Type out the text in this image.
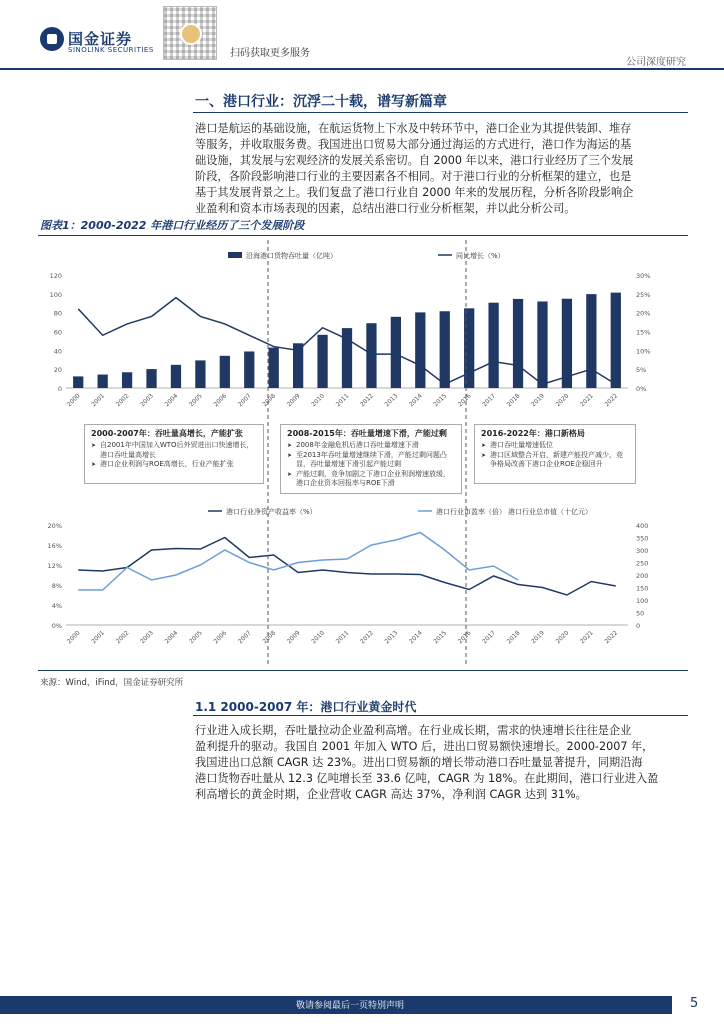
国金证券
SINOLINK SECURITIES	扫码获取更多服务
公司深度研究
一、港口行业：沉浮二十载，谱写新篇章
港口是航运的基础设施，在航运货物上下水及中转环节中，港口企业为其提供装卸、堆存
等服务，并收取服务费。我国进出口贸易大部分通过海运的方式进行，港口作为海运的基
础设施，其发展与宏观经济的发展关系密切。自 2000 年以来，港口行业经历了三个发展
阶段，各阶段影响港口行业的主要因素各不相同。对于港口行业的分析框架的建立，也是
基于其发展背景之上。我们复盘了港口行业自 2000 年来的发展历程，分析各阶段影响企
业盈利和资本市场表现的因素，总结出港口行业分析框架，并以此分析公司。
图表1：2000-2022 年港口行业经历了三个发展阶段
沿海港口货物吞吐量（亿吨）	同比增长（%）
0
20
40
60
80
100
120
0%
5%
10%
15%
20%
25%
30%
2000 2001 2002 2003 2004 2005 2006 2007 2008 2009 2010 2011 2012 2013 2014 2015 2016 2017 2018 2019 2020 2021 2022
2000-2007年：吞吐量高增长，产能扩张
➤ 自2001年中国加入WTO后外贸进出口快速增长，港口吞吐量高增长
➤ 港口企业利润与ROE高增长，行业产能扩张
2008-2015年：吞吐量增速下滑，产能过剩
➤ 2008年金融危机后港口吞吐量增速下滑
➤ 至2013年吞吐量增速继续下滑，产能过剩问题凸显，吞吐量增速下滑引起产能过剩
➤ 产能过剩，竞争加剧之下港口企业利润增速放缓，港口企业资本回报率与ROE下滑
2016-2022年：港口新格局
➤ 港口吞吐量增速低位
➤ 港口区域整合开启，新建产能投产减少，竞争格局改善下港口企业ROE企稳回升
港口行业净资产收益率（%）	港口行业市盈率（倍） 港口行业总市值（十亿元）
0%
4%
8%
12%
16%
20%
0
50
100
150
200
250
300
350
400
2000 2001 2002 2003 2004 2005 2006 2007 2008 2009 2010 2011 2012 2013 2014 2015 2016 2017 2018 2019 2020 2021 2022
来源：Wind，iFind，国金证券研究所
1.1 2000-2007 年：港口行业黄金时代
行业进入成长期，吞吐量拉动企业盈利高增。在行业成长期，需求的快速增长往往是企业
盈利提升的驱动。我国自 2001 年加入 WTO 后，进出口贸易额快速增长。2000-2007 年，
我国进出口总额 CAGR 达 23%。进出口贸易额的增长带动港口吞吐量显著提升，同期沿海
港口货物吞吐量从 12.3 亿吨增长至 33.6 亿吨，CAGR 为 18%。在此期间，港口行业进入盈
利高增长的黄金时期，企业营收 CAGR 高达 37%，净利润 CAGR 达到 31%。
敬请参阅最后一页特别声明	5
